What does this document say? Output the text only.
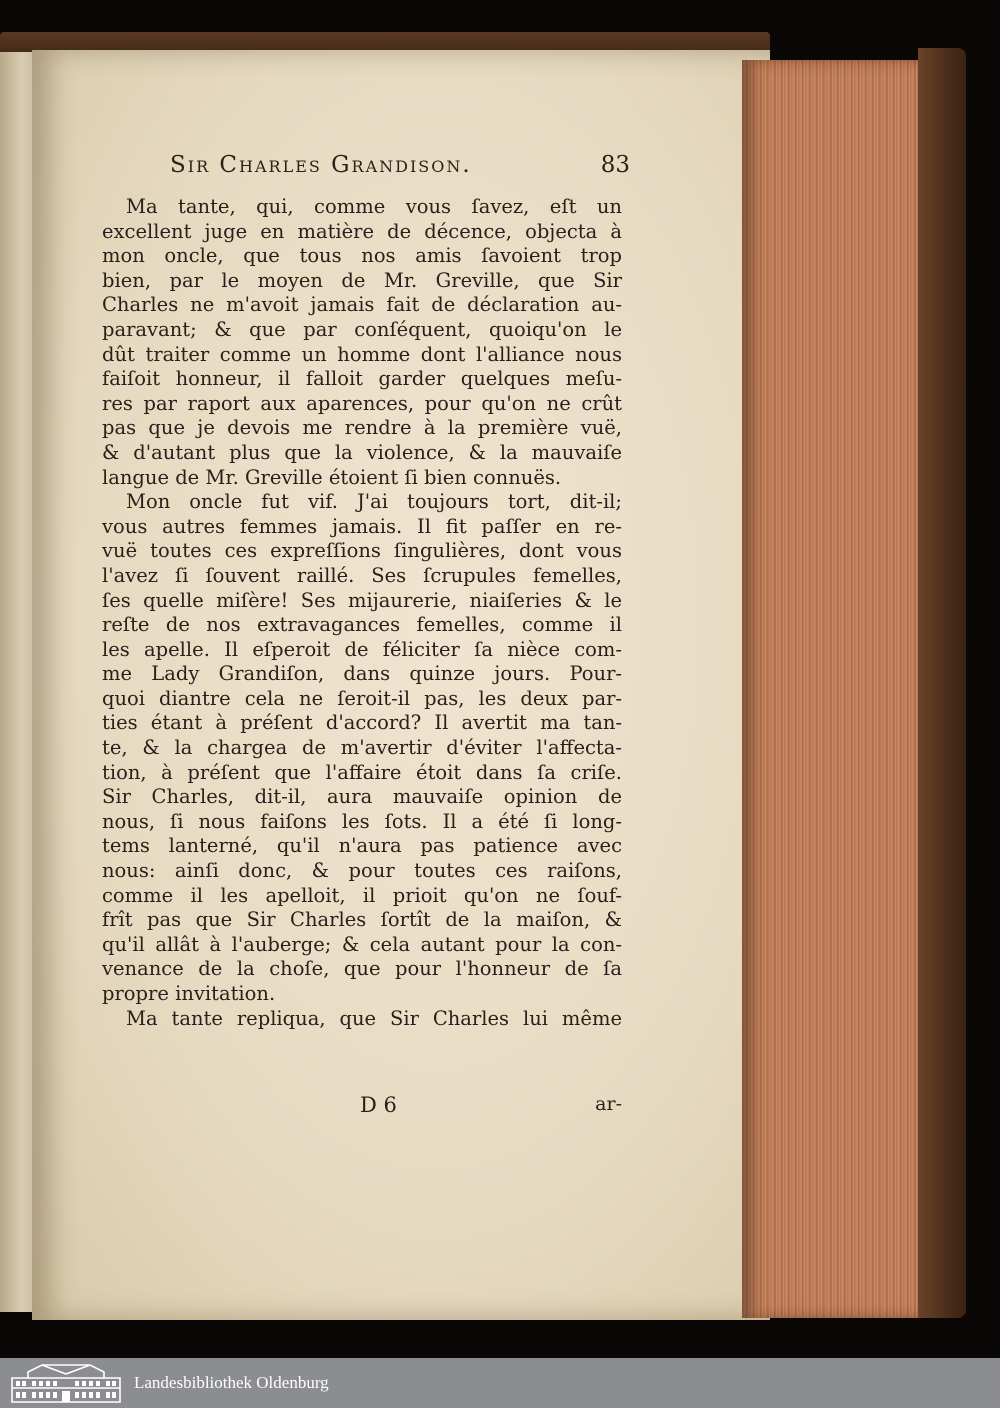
Sir Charles Grandison.	83
Ma tante, qui, comme vous ſavez, eſt un
excellent juge en matière de décence, objecta à
mon oncle, que tous nos amis ſavoient trop
bien, par le moyen de Mr. Greville, que Sir
Charles ne m'avoit jamais fait de déclaration au-
paravant; & que par conſéquent, quoiqu'on le
dût traiter comme un homme dont l'alliance nous
faiſoit honneur, il falloit garder quelques meſu-
res par raport aux aparences, pour qu'on ne crût
pas que je devois me rendre à la première vuë,
& d'autant plus que la violence, & la mauvaiſe
langue de Mr. Greville étoient ſi bien connuës.
Mon oncle fut vif. J'ai toujours tort, dit-il;
vous autres femmes jamais. Il fit paſſer en re-
vuë toutes ces expreſſions ſingulières, dont vous
l'avez ſi ſouvent raillé. Ses ſcrupules femelles,
ſes quelle miſère! Ses mijaurerie, niaiſeries & le
reſte de nos extravagances femelles, comme il
les apelle. Il eſperoit de féliciter ſa nièce com-
me Lady Grandiſon, dans quinze jours. Pour-
quoi diantre cela ne ſeroit-il pas, les deux par-
ties étant à préſent d'accord? Il avertit ma tan-
te, & la chargea de m'avertir d'éviter l'affecta-
tion, à préſent que l'affaire étoit dans ſa criſe.
Sir Charles, dit-il, aura mauvaiſe opinion de
nous, ſi nous faiſons les ſots. Il a été ſi long-
tems lanterné, qu'il n'aura pas patience avec
nous: ainſi donc, & pour toutes ces raiſons,
comme il les apelloit, il prioit qu'on ne ſouf-
frît pas que Sir Charles ſortît de la maiſon, &
qu'il allât à l'auberge; & cela autant pour la con-
venance de la choſe, que pour l'honneur de ſa
propre invitation.
Ma tante repliqua, que Sir Charles lui même
D 6	ar-
Landesbibliothek Oldenburg
